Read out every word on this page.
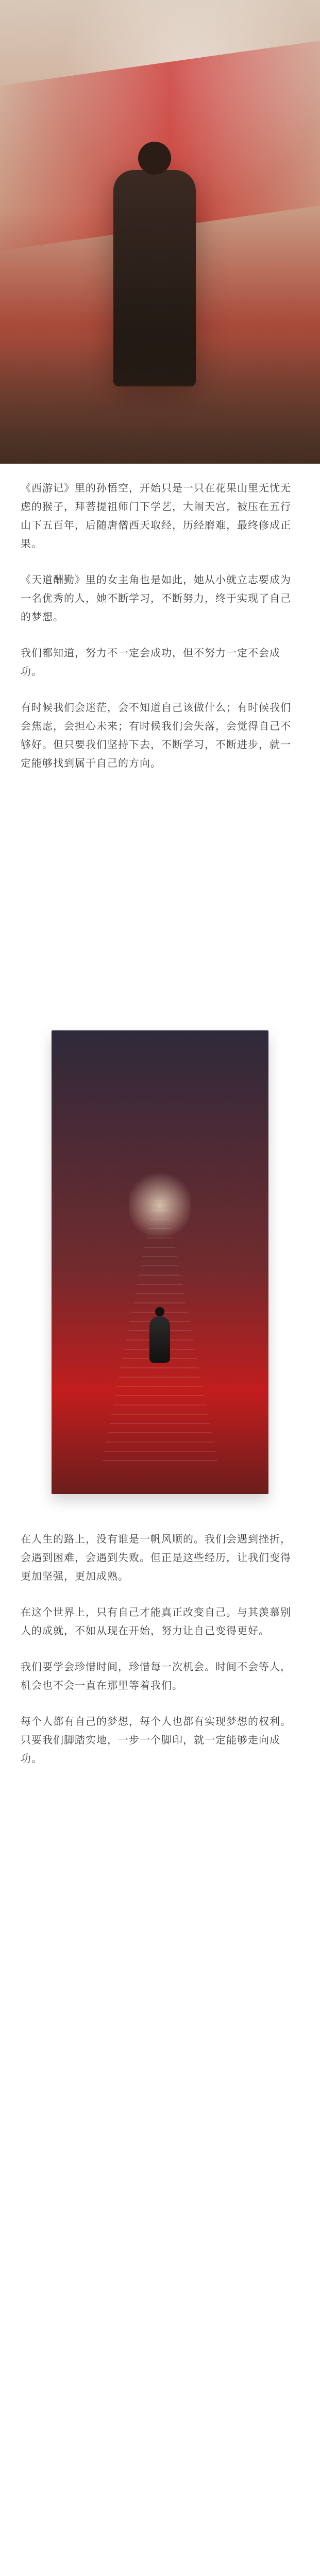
《西游记》里的孙悟空，开始只是一只在花果山里无忧无虑的猴子，拜菩提祖师门下学艺，大闹天宫，被压在五行山下五百年，后随唐僧西天取经，历经磨难，最终修成正果。

《天道酬勤》里的女主角也是如此，她从小就立志要成为一名优秀的人，她不断学习，不断努力，终于实现了自己的梦想。

我们都知道，努力不一定会成功，但不努力一定不会成功。

有时候我们会迷茫，会不知道自己该做什么；有时候我们会焦虑，会担心未来；有时候我们会失落，会觉得自己不够好。但只要我们坚持下去，不断学习，不断进步，就一定能够找到属于自己的方向。

在人生的路上，没有谁是一帆风顺的。我们会遇到挫折，会遇到困难，会遇到失败。但正是这些经历，让我们变得更加坚强，更加成熟。

在这个世界上，只有自己才能真正改变自己。与其羡慕别人的成就，不如从现在开始，努力让自己变得更好。

我们要学会珍惜时间，珍惜每一次机会。时间不会等人，机会也不会一直在那里等着我们。

每个人都有自己的梦想，每个人也都有实现梦想的权利。只要我们脚踏实地，一步一个脚印，就一定能够走向成功。
